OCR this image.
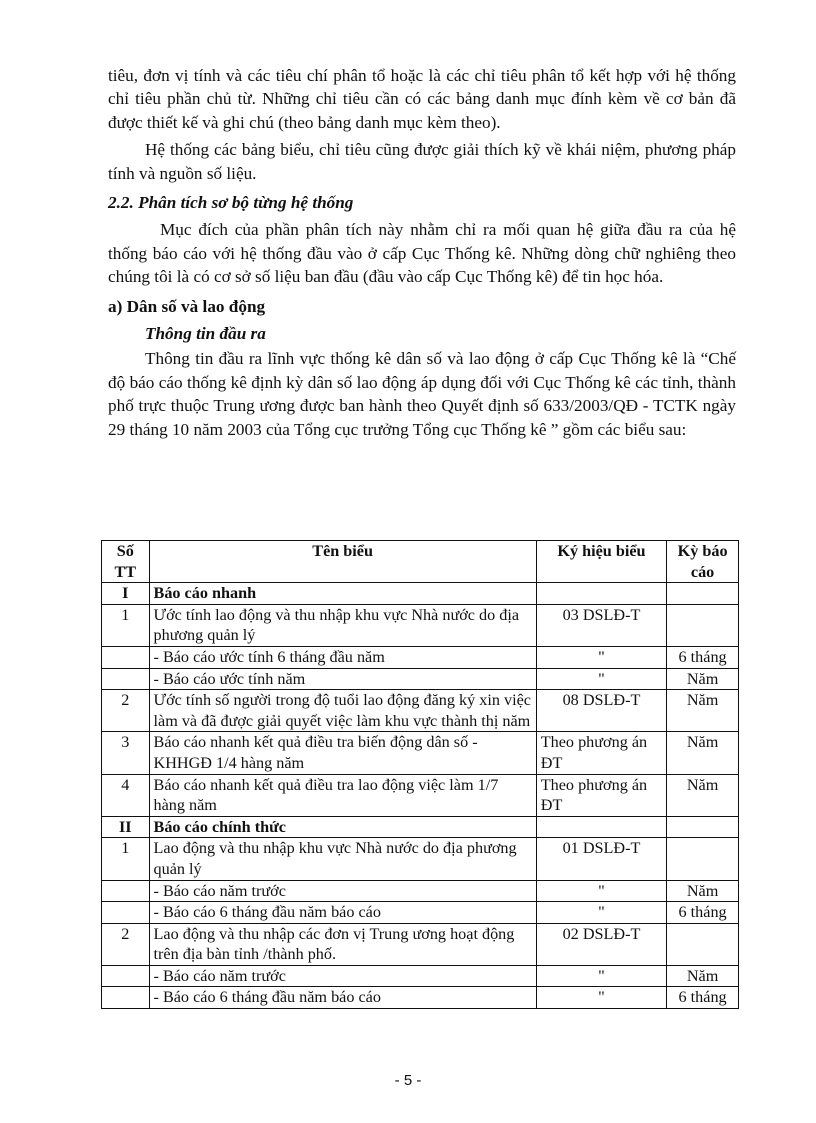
tiêu, đơn vị tính và các tiêu chí phân tổ hoặc là các chỉ tiêu phân tổ kết hợp với hệ thống chỉ tiêu phần chủ từ. Những chỉ tiêu cần có các bảng danh mục đính kèm về cơ bản đã được thiết kế và ghi chú (theo bảng danh mục kèm theo).

Hệ thống các bảng biểu, chỉ tiêu cũng được giải thích kỹ về khái niệm, phương pháp tính và nguồn số liệu.

2.2. Phân tích sơ bộ từng hệ thống

Mục đích của phần phân tích này nhằm chỉ ra mối quan hệ giữa đầu ra của hệ thống báo cáo với hệ thống đầu vào ở cấp Cục Thống kê. Những dòng chữ nghiêng theo chúng tôi là có cơ sở số liệu ban đầu (đầu vào cấp Cục Thống kê) để tin học hóa.

a) Dân số và lao động

Thông tin đầu ra

Thông tin đầu ra lĩnh vực thống kê dân số và lao động ở cấp Cục Thống kê là “Chế độ báo cáo thống kê định kỳ dân số lao động áp dụng đối với Cục Thống kê các tỉnh, thành phố trực thuộc Trung ương được ban hành theo Quyết định số 633/2003/QĐ - TCTK ngày 29 tháng 10 năm 2003 của Tổng cục trưởng Tổng cục Thống kê ” gồm các biểu sau:

Số TT	Tên biểu	Ký hiệu biểu	Kỳ báo cáo
I	Báo cáo nhanh		
1	Ước tính lao động và thu nhập khu vực Nhà nước do địa phương quản lý	03 DSLĐ-T	
	- Báo cáo ước tính 6 tháng đầu năm	"	6 tháng
	- Báo cáo ước tính năm	"	Năm
2	Ước tính số người trong độ tuổi lao động đăng ký xin việc làm và đã được giải quyết việc làm khu vực thành thị năm	08 DSLĐ-T	Năm
3	Báo cáo nhanh kết quả điều tra biến động dân số - KHHGĐ 1/4 hàng năm	Theo phương án ĐT	Năm
4	Báo cáo nhanh kết quả điều tra lao động việc làm 1/7 hàng năm	Theo phương án ĐT	Năm
II	Báo cáo chính thức		
1	Lao động và thu nhập khu vực Nhà nước do địa phương quản lý	01 DSLĐ-T	
	- Báo cáo năm trước	"	Năm
	- Báo cáo 6 tháng đầu năm báo cáo	"	6 tháng
2	Lao động và thu nhập các đơn vị Trung ương hoạt động trên địa bàn tỉnh /thành phố.	02 DSLĐ-T	
	- Báo cáo năm trước	"	Năm
	- Báo cáo 6 tháng đầu năm báo cáo	"	6 tháng
- 5 -
